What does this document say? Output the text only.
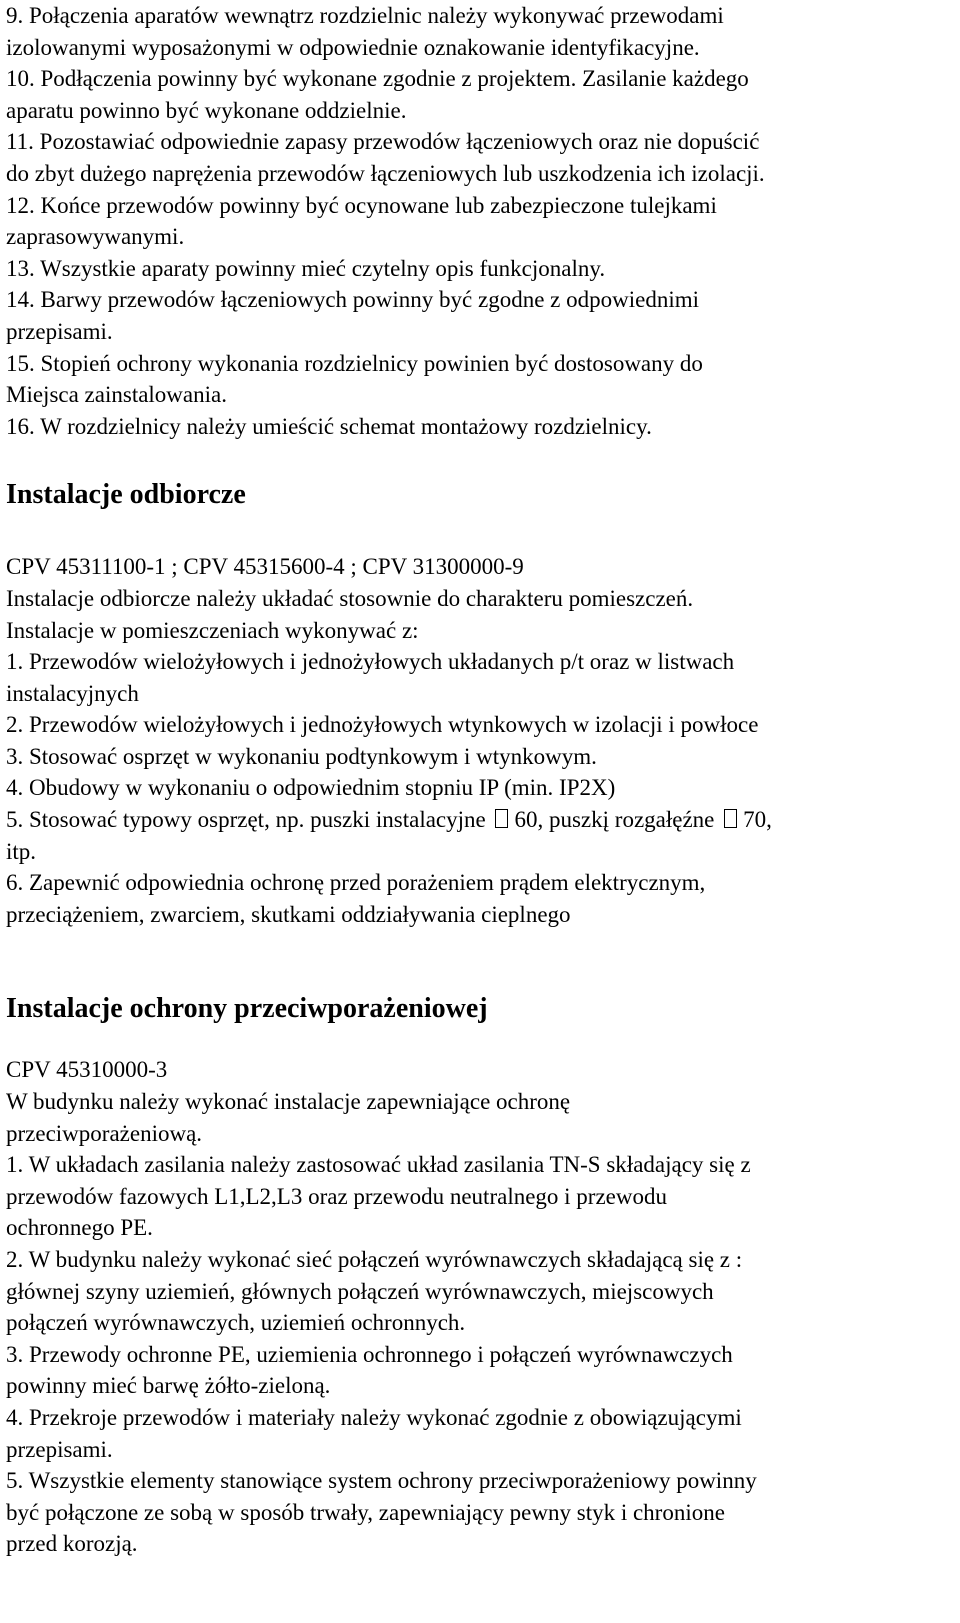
9. Połączenia aparatów wewnątrz rozdzielnic należy wykonywać przewodami

izolowanymi wyposażonymi w odpowiednie oznakowanie identyfikacyjne.

10. Podłączenia powinny być wykonane zgodnie z projektem. Zasilanie każdego

aparatu powinno być wykonane oddzielnie.

11. Pozostawiać odpowiednie zapasy przewodów łączeniowych oraz nie dopuścić

do zbyt dużego naprężenia przewodów łączeniowych lub uszkodzenia ich izolacji.

12. Końce przewodów powinny być ocynowane lub zabezpieczone tulejkami

zaprasowywanymi.

13. Wszystkie aparaty powinny mieć czytelny opis funkcjonalny.

14. Barwy przewodów łączeniowych powinny być zgodne z odpowiednimi

przepisami.

15. Stopień ochrony wykonania rozdzielnicy powinien być dostosowany do

Miejsca zainstalowania.

16. W rozdzielnicy należy umieścić schemat montażowy rozdzielnicy.

Instalacje odbiorcze

CPV 45311100-1 ; CPV 45315600-4 ; CPV 31300000-9

Instalacje odbiorcze należy układać stosownie do charakteru pomieszczeń.

Instalacje w pomieszczeniach wykonywać z:

1. Przewodów wielożyłowych i jednożyłowych układanych p/t oraz w listwach

instalacyjnych

2. Przewodów wielożyłowych i jednożyłowych wtynkowych w izolacji i powłoce

3. Stosować osprzęt w wykonaniu podtynkowym i wtynkowym.

4. Obudowy w wykonaniu o odpowiednim stopniu IP (min. IP2X)

5. Stosować typowy osprzęt, np. puszki instalacyjne 60, puszkį rozgałęźne 70,

itp.

6. Zapewnić odpowiednia ochronę przed porażeniem prądem elektrycznym,

przeciążeniem, zwarciem, skutkami oddziaływania cieplnego

Instalacje ochrony przeciwporażeniowej

CPV 45310000-3

W budynku należy wykonać instalacje zapewniające ochronę

przeciwporażeniową.

1. W układach zasilania należy zastosować układ zasilania TN-S składający się z

przewodów fazowych L1,L2,L3 oraz przewodu neutralnego i przewodu

ochronnego PE.

2. W budynku należy wykonać sieć połączeń wyrównawczych składającą się z :

głównej szyny uziemień, głównych połączeń wyrównawczych, miejscowych

połączeń wyrównawczych, uziemień ochronnych.

3. Przewody ochronne PE, uziemienia ochronnego i połączeń wyrównawczych

powinny mieć barwę żółto-zieloną.

4. Przekroje przewodów i materiały należy wykonać zgodnie z obowiązującymi

przepisami.

5. Wszystkie elementy stanowiące system ochrony przeciwporażeniowy powinny

być połączone ze sobą w sposób trwały, zapewniający pewny styk i chronione

przed korozją.
